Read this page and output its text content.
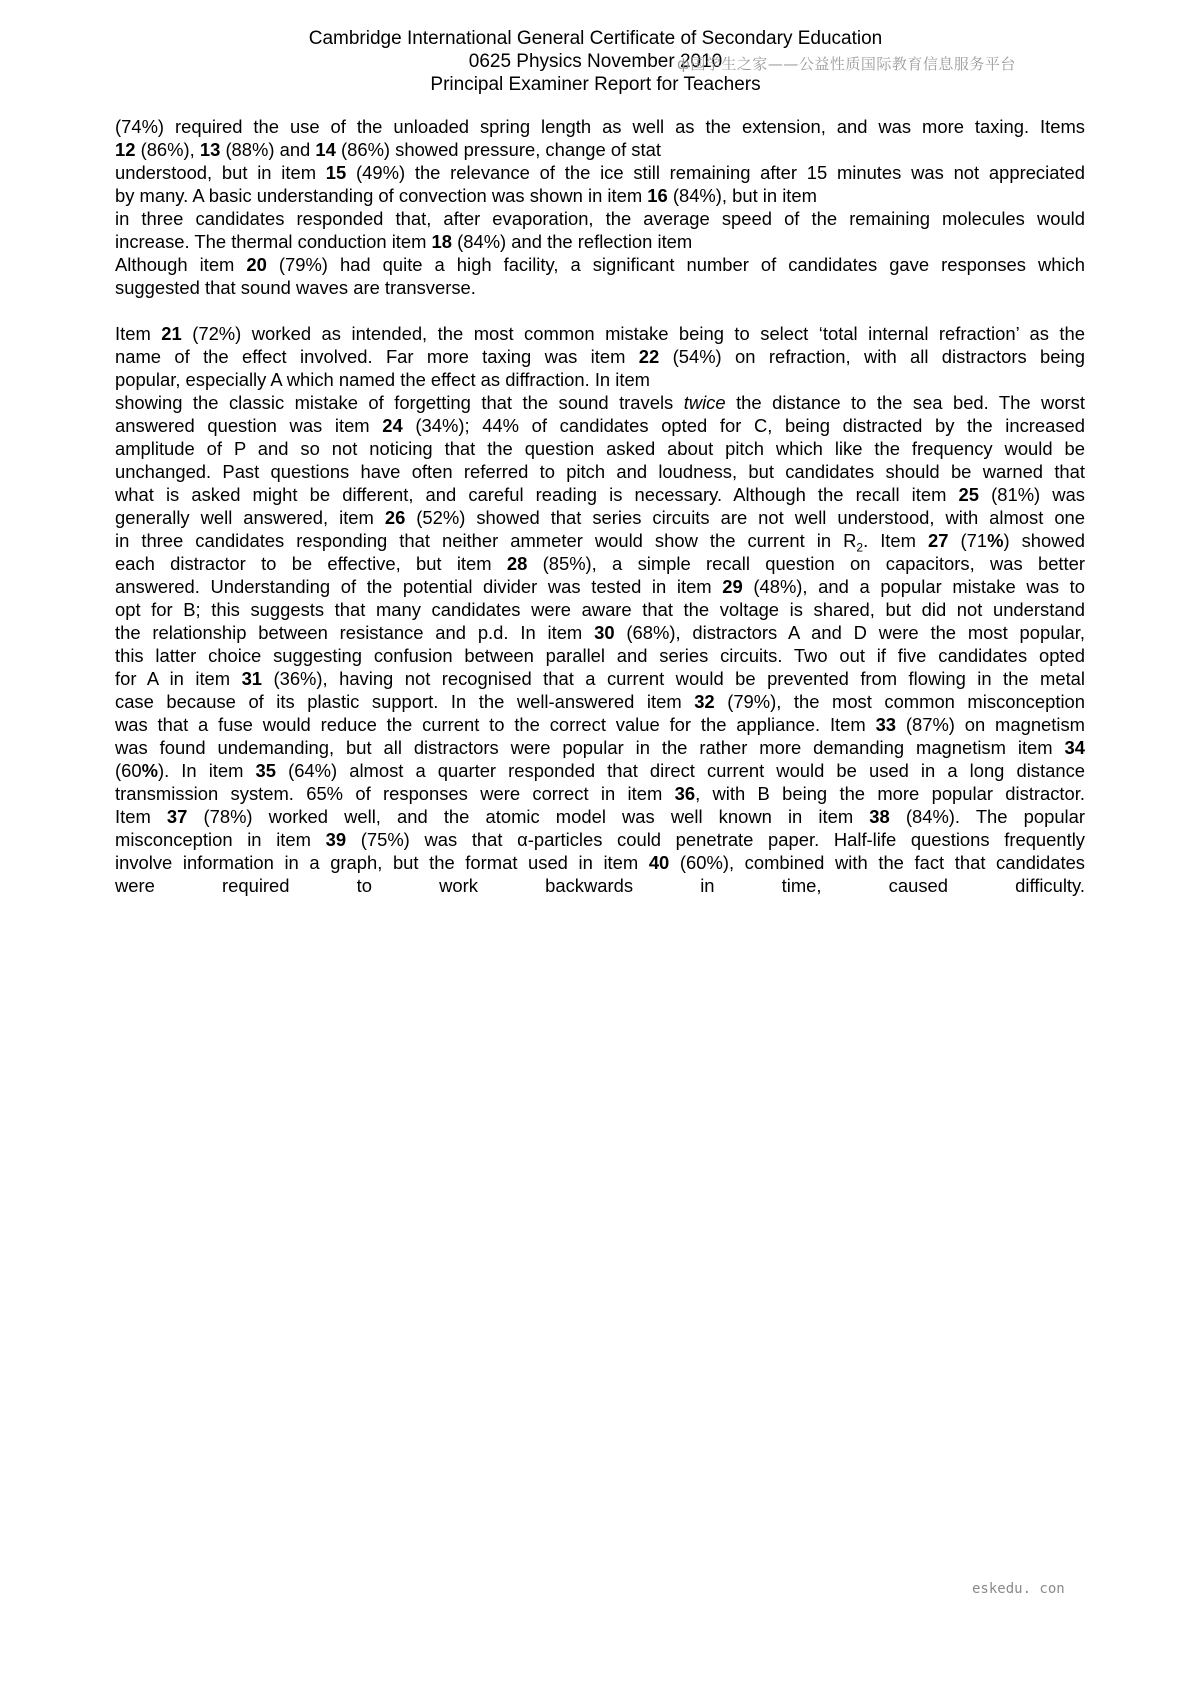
Cambridge International General Certificate of Secondary Education
0625 Physics November 2010
Principal Examiner Report for Teachers
ф国学生之家——公益性质国际教育信息服务平台
(74%) required the use of the unloaded spring length as well as the extension, and was more taxing. Items
12 (86%), 13 (88%) and 14 (86%) showed pressure, change of stat
understood, but in item 15 (49%) the relevance of the ice still remaining after 15 minutes was not appreciated
by many. A basic understanding of convection was shown in item 16 (84%), but in item
in three candidates responded that, after evaporation, the average speed of the remaining molecules would
increase. The thermal conduction item 18 (84%) and the reflection item
Although item 20 (79%) had quite a high facility, a significant number of candidates gave responses which
suggested that sound waves are transverse.
Item 21 (72%) worked as intended, the most common mistake being to select ‘total internal refraction’ as the
name of the effect involved. Far more taxing was item 22 (54%) on refraction, with all distractors being
popular, especially A which named the effect as diffraction. In item
showing the classic mistake of forgetting that the sound travels twice the distance to the sea bed. The worst
answered question was item 24 (34%); 44% of candidates opted for C, being distracted by the increased
amplitude of P and so not noticing that the question asked about pitch which like the frequency would be
unchanged. Past questions have often referred to pitch and loudness, but candidates should be warned that
what is asked might be different, and careful reading is necessary. Although the recall item 25 (81%) was
generally well answered, item 26 (52%) showed that series circuits are not well understood, with almost one
in three candidates responding that neither ammeter would show the current in $R_2$. Item 27 (71%) showed
each distractor to be effective, but item 28 (85%), a simple recall question on capacitors, was better
answered. Understanding of the potential divider was tested in item 29 (48%), and a popular mistake was to
opt for B; this suggests that many candidates were aware that the voltage is shared, but did not understand
the relationship between resistance and p.d. In item 30 (68%), distractors A and D were the most popular,
this latter choice suggesting confusion between parallel and series circuits. Two out if five candidates opted
for A in item 31 (36%), having not recognised that a current would be prevented from flowing in the metal
case because of its plastic support. In the well-answered item 32 (79%), the most common misconception
was that a fuse would reduce the current to the correct value for the appliance. Item 33 (87%) on magnetism
was found undemanding, but all distractors were popular in the rather more demanding magnetism item 34
(60%). In item 35 (64%) almost a quarter responded that direct current would be used in a long distance
transmission system. 65% of responses were correct in item 36, with B being the more popular distractor.
Item 37 (78%) worked well, and the atomic model was well known in item 38 (84%). The popular
misconception in item 39 (75%) was that α-particles could penetrate paper. Half-life questions frequently
involve information in a graph, but the format used in item 40 (60%), combined with the fact that candidates
were required to work backwards in time, caused difficulty.
eskedu. con
